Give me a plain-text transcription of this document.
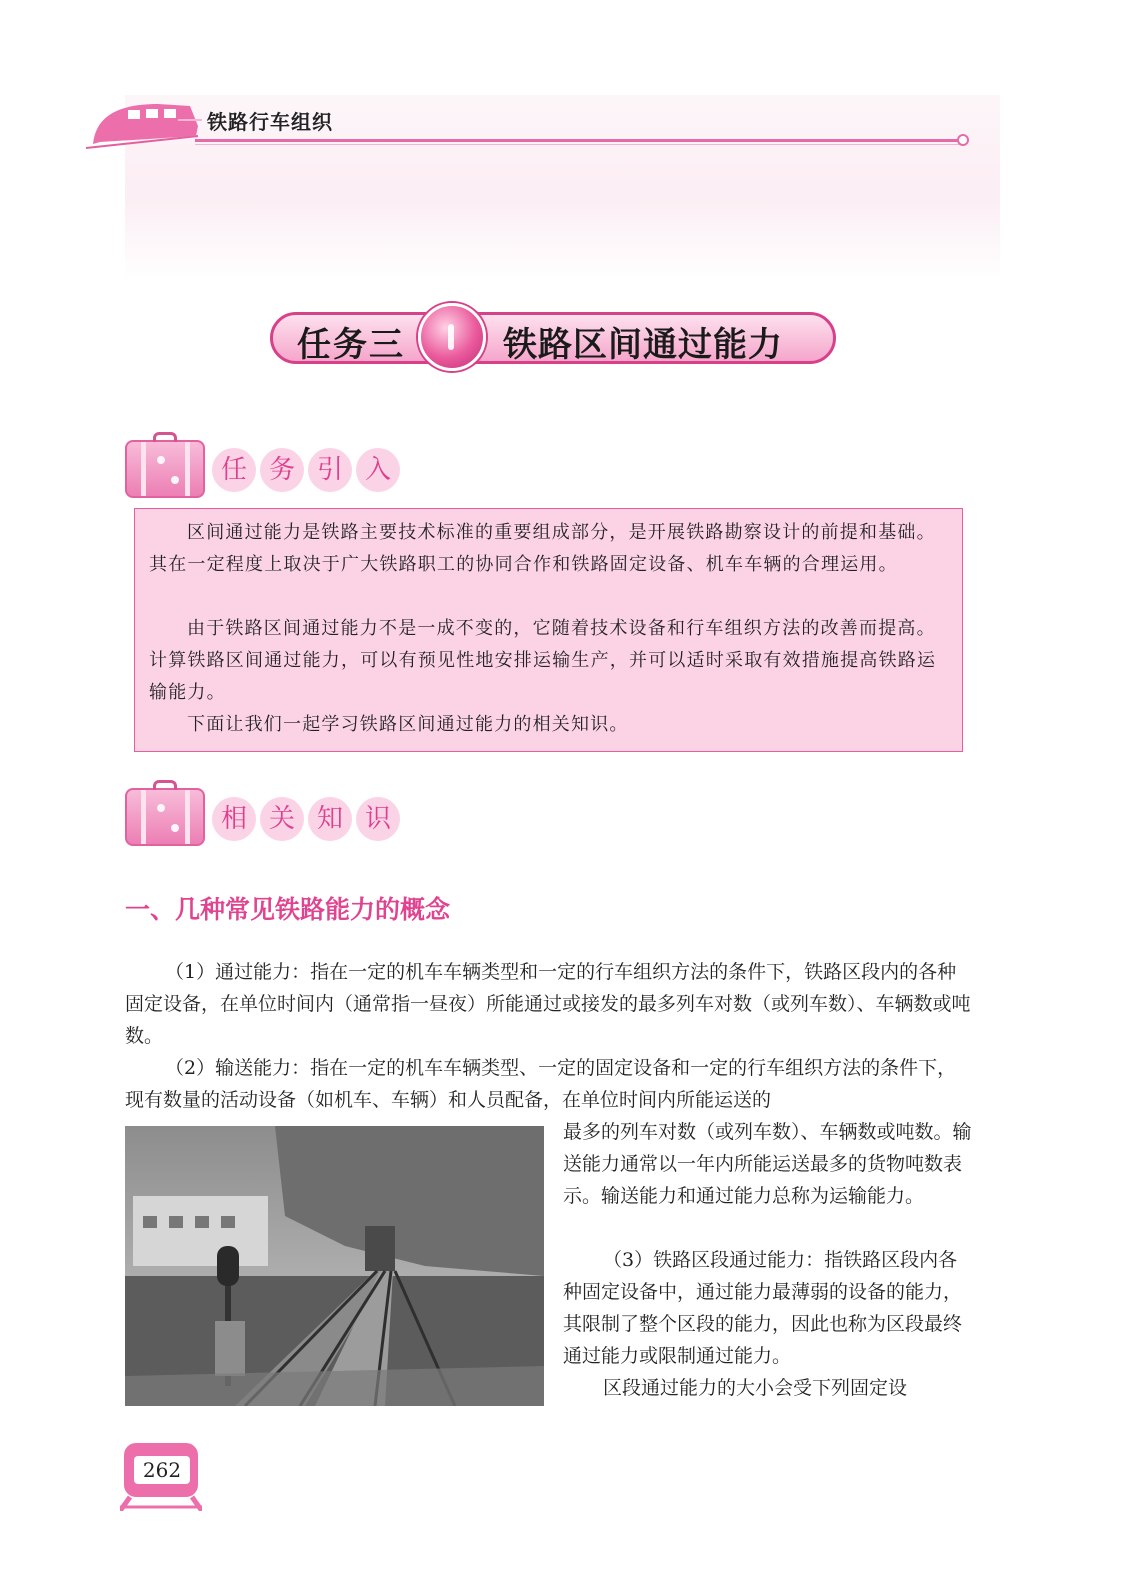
铁路行车组织
任务三	铁路区间通过能力
任 务 引 入
区间通过能力是铁路主要技术标准的重要组成部分，是开展铁路勘察设计的前提和基础。其在一定程度上取决于广大铁路职工的协同合作和铁路固定设备、机车车辆的合理运用。
由于铁路区间通过能力不是一成不变的，它随着技术设备和行车组织方法的改善而提高。计算铁路区间通过能力，可以有预见性地安排运输生产，并可以适时采取有效措施提高铁路运输能力。
下面让我们一起学习铁路区间通过能力的相关知识。
相 关 知 识
一、几种常见铁路能力的概念
（1）通过能力：指在一定的机车车辆类型和一定的行车组织方法的条件下，铁路区段内的各种固定设备，在单位时间内（通常指一昼夜）所能通过或接发的最多列车对数（或列车数）、车辆数或吨数。
（2）输送能力：指在一定的机车车辆类型、一定的固定设备和一定的行车组织方法的条件下，现有数量的活动设备（如机车、车辆）和人员配备，在单位时间内所能运送的
最多的列车对数（或列车数）、车辆数或吨数。输送能力通常以一年内所能运送最多的货物吨数表示。输送能力和通过能力总称为运输能力。
（3）铁路区段通过能力：指铁路区段内各种固定设备中，通过能力最薄弱的设备的能力，其限制了整个区段的能力，因此也称为区段最终通过能力或限制通过能力。
区段通过能力的大小会受下列固定设
262
